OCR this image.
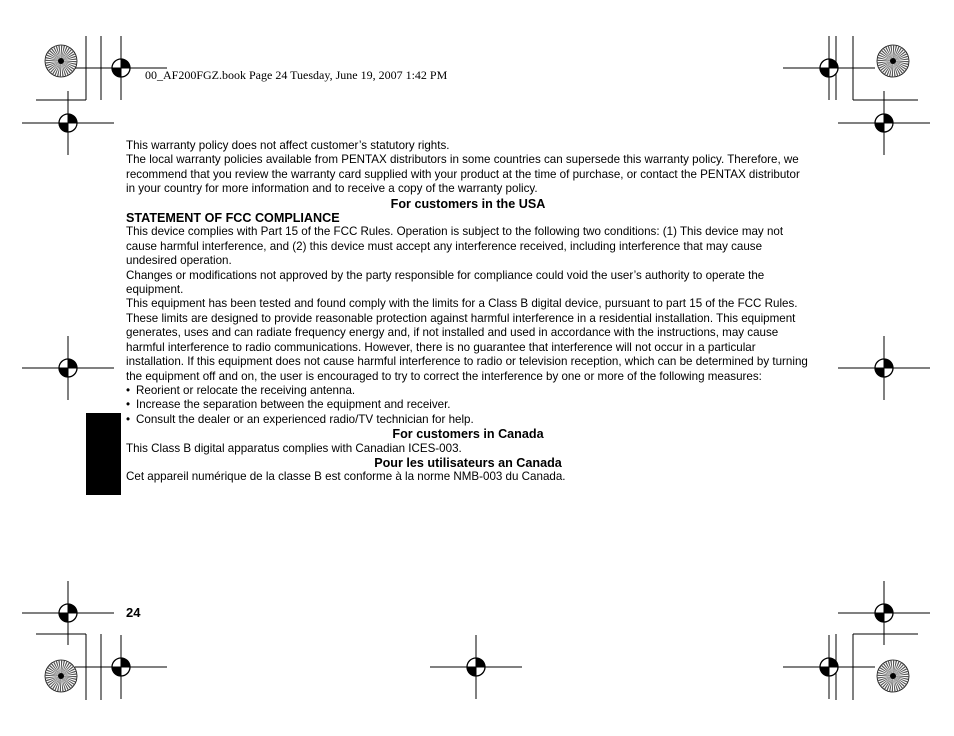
00_AF200FGZ.book Page 24 Tuesday, June 19, 2007 1:42 PM

This warranty policy does not affect customer’s statutory rights.

The local warranty policies available from PENTAX distributors in some countries can supersede this warranty policy. Therefore, we recommend that you review the warranty card supplied with your product at the time of purchase, or contact the PENTAX distributor in your country for more information and to receive a copy of the warranty policy.

For customers in the USA

STATEMENT OF FCC COMPLIANCE

This device complies with Part 15 of the FCC Rules. Operation is subject to the following two conditions: (1) This device may not cause harmful interference, and (2) this device must accept any interference received, including interference that may cause undesired operation.

Changes or modifications not approved by the party responsible for compliance could void the user’s authority to operate the equipment.

This equipment has been tested and found comply with the limits for a Class B digital device, pursuant to part 15 of the FCC Rules. These limits are designed to provide reasonable protection against harmful interference in a residential installation. This equipment generates, uses and can radiate frequency energy and, if not installed and used in accordance with the instructions, may cause harmful interference to radio communications. However, there is no guarantee that interference will not occur in a particular installation. If this equipment does not cause harmful interference to radio or television reception, which can be determined by turning the equipment off and on, the user is encouraged to try to correct the interference by one or more of the following measures:

• Reorient or relocate the receiving antenna.
• Increase the separation between the equipment and receiver.
• Consult the dealer or an experienced radio/TV technician for help.

For customers in Canada

This Class B digital apparatus complies with Canadian ICES-003.

Pour les utilisateurs an Canada

Cet appareil numérique de la classe B est conforme à la norme NMB-003 du Canada.

24
